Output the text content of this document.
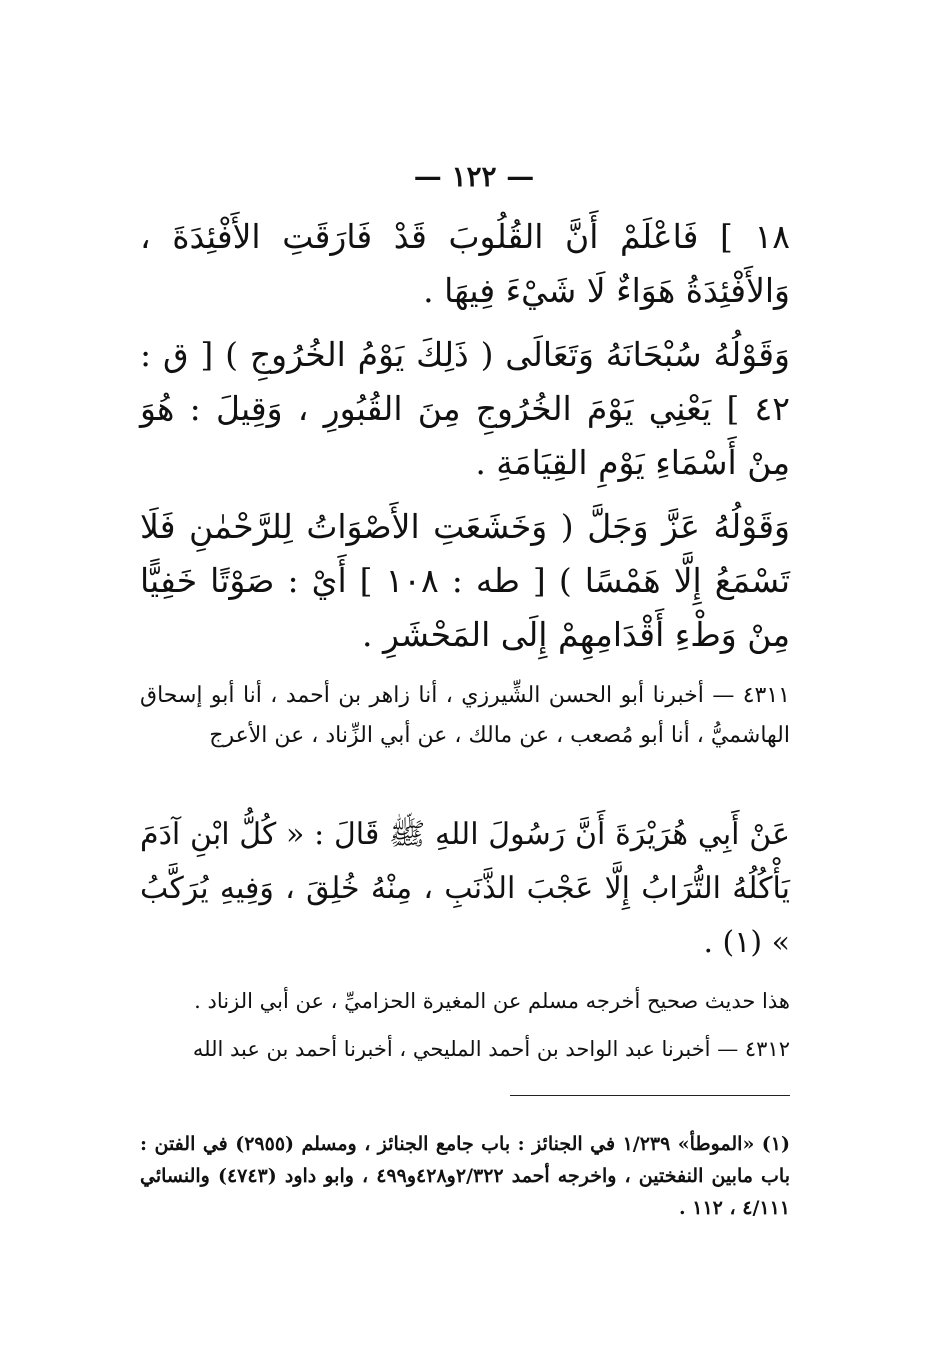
— ١٢٢ —

١٨ ] فَاعْلَمْ أَنَّ القُلُوبَ قَدْ فَارَقَتِ الأَفْئِدَةَ ، وَالأَفْئِدَةُ هَوَاءٌ لَا شَيْءَ فِيهَا .

وَقَوْلُهُ سُبْحَانَهُ وَتَعَالَى ( ذَلِكَ يَوْمُ الخُرُوجِ ) [ ق : ٤٢ ] يَعْنِي يَوْمَ الخُرُوجِ مِنَ القُبُورِ ، وَقِيلَ : هُوَ مِنْ أَسْمَاءِ يَوْمِ القِيَامَةِ .

وَقَوْلُهُ عَزَّ وَجَلَّ ( وَخَشَعَتِ الأَصْوَاتُ لِلرَّحْمٰنِ فَلَا تَسْمَعُ إِلَّا هَمْسًا ) [ طه : ١٠٨ ] أَيْ : صَوْتًا خَفِيًّا مِنْ وَطْءِ أَقْدَامِهِمْ إِلَى المَحْشَرِ .

٤٣١١ — أخبرنا أبو الحسن الشِّيرزي ، أنا زاهر بن أحمد ، أنا أبو إسحاق الهاشميُّ ، أنا أبو مُصعب ، عن مالك ، عن أبي الزِّناد ، عن الأعرج

عَنْ أَبِي هُرَيْرَةَ أَنَّ رَسُولَ اللهِ ﷺ قَالَ : « كُلُّ ابْنِ آدَمَ يَأْكُلُهُ التُّرَابُ إِلَّا عَجْبَ الذَّنَبِ ، مِنْهُ خُلِقَ ، وَفِيهِ يُرَكَّبُ » (١) .

هذا حديث صحيح أخرجه مسلم عن المغيرة الحزاميِّ ، عن أبي الزناد .

٤٣١٢ — أخبرنا عبد الواحد بن أحمد المليحي ، أخبرنا أحمد بن عبد الله

(١) «الموطأ» ١/٢٣٩ في الجنائز : باب جامع الجنائز ، ومسلم (٢٩٥٥) في الفتن : باب مابين النفختين ، واخرجه أحمد ٢/٣٢٢و٤٢٨و٤٩٩ ، وابو داود (٤٧٤٣) والنسائي ٤/١١١ ، ١١٢ .
